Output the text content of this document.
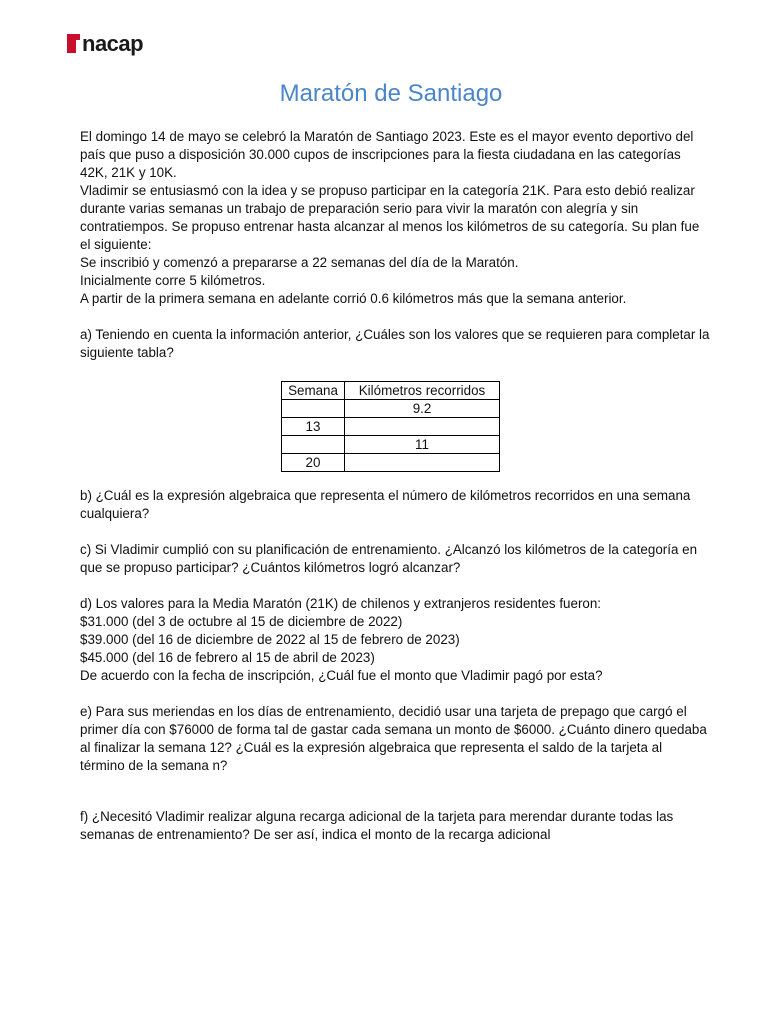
nacap
Maratón de Santiago

El domingo 14 de mayo se celebró la Maratón de Santiago 2023. Este es el mayor evento deportivo del país que puso a disposición 30.000 cupos de inscripciones para la fiesta ciudadana en las categorías 42K, 21K y 10K.

Vladimir se entusiasmó con la idea y se propuso participar en la categoría 21K. Para esto debió realizar durante varias semanas un trabajo de preparación serio para vivir la maratón con alegría y sin contratiempos. Se propuso entrenar hasta alcanzar al menos los kilómetros de su categoría. Su plan fue el siguiente:

Se inscribió y comenzó a prepararse a 22 semanas del día de la Maratón.

Inicialmente corre 5 kilómetros.

A partir de la primera semana en adelante corrió 0.6 kilómetros más que la semana anterior.

a) Teniendo en cuenta la información anterior, ¿Cuáles son los valores que se requieren para completar la siguiente tabla?

Semana	Kilómetros recorridos
	9.2
13	
	11
20	

b) ¿Cuál es la expresión algebraica que representa el número de kilómetros recorridos en una semana cualquiera?

c) Si Vladimir cumplió con su planificación de entrenamiento. ¿Alcanzó los kilómetros de la categoría en que se propuso participar? ¿Cuántos kilómetros logró alcanzar?

d) Los valores para la Media Maratón (21K) de chilenos y extranjeros residentes fueron:

$31.000 (del 3 de octubre al 15 de diciembre de 2022)

$39.000 (del 16 de diciembre de 2022 al 15 de febrero de 2023)

$45.000 (del 16 de febrero al 15 de abril de 2023)

De acuerdo con la fecha de inscripción, ¿Cuál fue el monto que Vladimir pagó por esta?

e) Para sus meriendas en los días de entrenamiento, decidió usar una tarjeta de prepago que cargó el primer día con $76000 de forma tal de gastar cada semana un monto de $6000. ¿Cuánto dinero quedaba al finalizar la semana 12? ¿Cuál es la expresión algebraica que representa el saldo de la tarjeta al término de la semana n?

f) ¿Necesitó Vladimir realizar alguna recarga adicional de la tarjeta para merendar durante todas las semanas de entrenamiento? De ser así, indica el monto de la recarga adicional
